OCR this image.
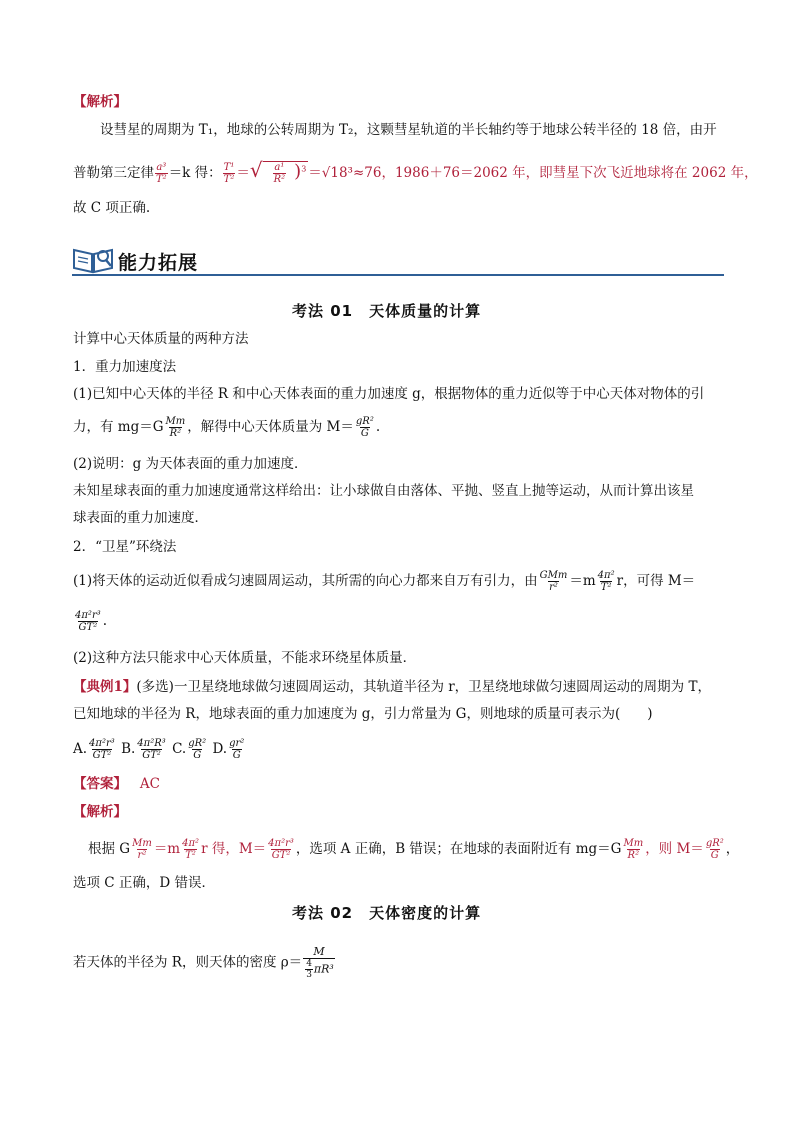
【解析】
设彗星的周期为 T₁，地球的公转周期为 T₂，这颗彗星轨道的半长轴约等于地球公转半径的 18 倍，由开
普勒第三定律 $\frac{\text{a³}}{\text{T²}} =k$ 得： $\frac{\text{T¹}}{\text{T²}}$ ＝√ $\frac{\text{a¹}}{\text{R²}} )^3 =√18^3\approx 76$，1986＋76＝2062 年，即彗星下次飞近地球将在 2062 年，
故 C 项正确.
能力拓展
考法 01　天体质量的计算
计算中心天体质量的两种方法
1．重力加速度法
(1)已知中心天体的半径 R 和中心天体表面的重力加速度 g，根据物体的重力近似等于中心天体对物体的引
力，有 $mg=G \frac{Mm}{\text{R²}}$ ，解得中心天体质量为 $M= \frac{\text{gR²}}{G}$ .
(2)说明：g 为天体表面的重力加速度．
未知星球表面的重力加速度通常这样给出：让小球做自由落体、平抛、竖直上抛等运动，从而计算出该星
球表面的重力加速度．
2．“卫星”环绕法
(1)将天体的运动近似看成匀速圆周运动，其所需的向心力都来自万有引力，由 $\frac{\text{GMm}}{\text{r²}} =m \frac{\text{4π²}}{\text{T²}}$ r，可得 M＝
$\frac{\text{4π²r³}}{\text{GT²}}$ .
(2)这种方法只能求中心天体质量，不能求环绕星体质量．
【典例1】(多选)一卫星绕地球做匀速圆周运动，其轨道半径为 r，卫星绕地球做匀速圆周运动的周期为 T，
已知地球的半径为 R，地球表面的重力加速度为 g，引力常量为 G，则地球的质量可表示为(　　)
A. $\frac{\text{4π²r³}}{\text{GT²}} B$. $\frac{\text{4π²R³}}{\text{GT²}} C$. $\frac{\text{gR²}}{G} D$. $\frac{\text{gr²}}{G}$
【答案】 AC
【解析】
根据 G $\frac{Mm}{\text{r²}} =m \frac{\text{4π²}}{\text{T²}}$ r 得，$M= \frac{\text{4π²r³}}{\text{GT²}}$ ，选项 A 正确，B 错误；在地球的表面附近有 $mg=G \frac{Mm}{\text{R²}}$ ，则 $M= \frac{\text{gR²}}{G}$ ，
选项 C 正确，D 错误．
考法 02　天体密度的计算
若天体的半径为 R，则天体的密度 $\rho= \frac{M}{\frac{4}{3} \pi R^3}$
